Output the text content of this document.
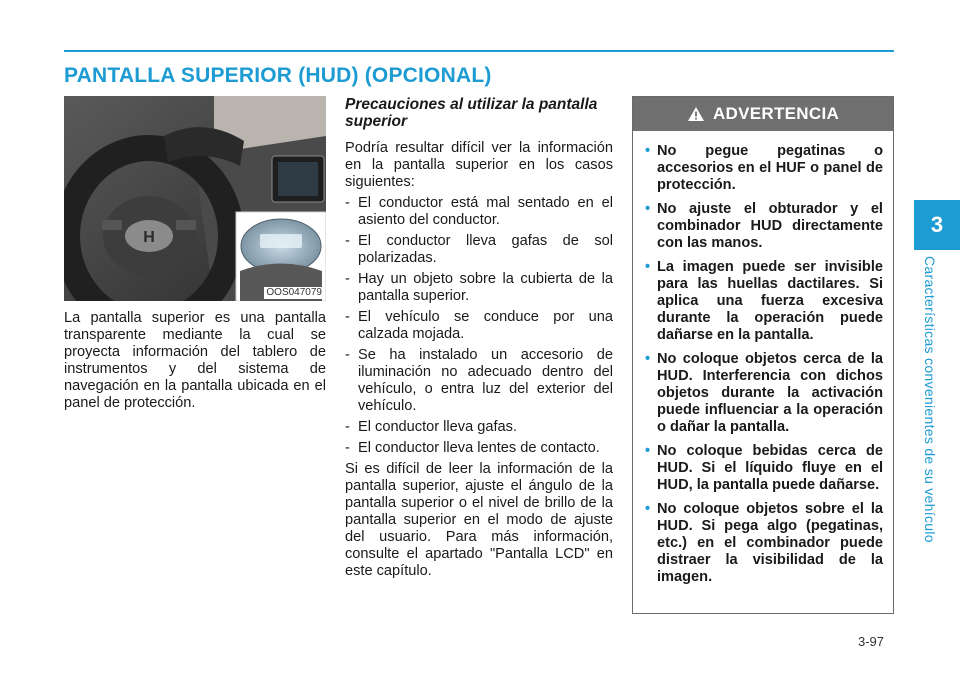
PANTALLA SUPERIOR (HUD) (OPCIONAL)
H
OOS047079

La pantalla superior es una pantalla transparente mediante la cual se proyecta información del tablero de instrumentos y del sistema de navegación en la pantalla ubicada en el panel de protección.

Precauciones al utilizar la pantalla superior

Podría resultar difícil ver la información en la pantalla superior en los casos siguientes:

- El conductor está mal sentado en el asiento del conductor.
- El conductor lleva gafas de sol polarizadas.
- Hay un objeto sobre la cubierta de la pantalla superior.
- El vehículo se conduce por una calzada mojada.
- Se ha instalado un accesorio de iluminación no adecuado dentro del vehículo, o entra luz del exterior del vehículo.
- El conductor lleva gafas.
- El conductor lleva lentes de contacto.

Si es difícil de leer la información de la pantalla superior, ajuste el ángulo de la pantalla superior o el nivel de brillo de la pantalla superior en el modo de ajuste del usuario. Para más información, consulte el apartado "Pantalla LCD" en este capítulo.

ADVERTENCIA
• No pegue pegatinas o accesorios en el HUF o panel de protección.
• No ajuste el obturador y el combinador HUD directamente con las manos.
• La imagen puede ser invisible para las huellas dactilares. Si aplica una fuerza excesiva durante la operación puede dañarse en la pantalla.
• No coloque objetos cerca de la HUD. Interferencia con dichos objetos durante la activación puede influenciar a la operación o dañar la pantalla.
• No coloque bebidas cerca de HUD. Si el líquido fluye en el HUD, la pantalla puede dañarse.
• No coloque objetos sobre el la HUD. Si pega algo (pegatinas, etc.) en el combinador puede distraer la visibilidad de la imagen.
3

Características convenientes de su vehículo

3-97
